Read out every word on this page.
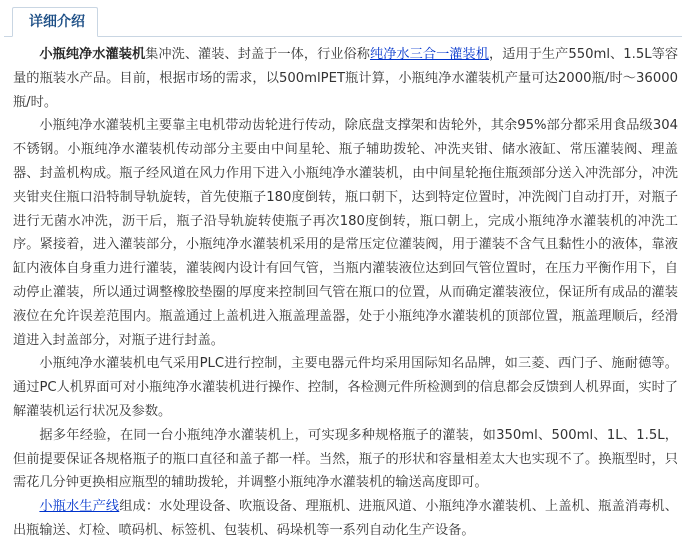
详细介绍

小瓶纯净水灌装机集冲洗、灌装、封盖于一体，行业俗称纯净水三合一灌装机，适用于生产550ml、1.5L等容量的瓶装水产品。目前，根据市场的需求，以500mlPET瓶计算，小瓶纯净水灌装机产量可达2000瓶/时～36000瓶/时。

小瓶纯净水灌装机主要靠主电机带动齿轮进行传动，除底盘支撑架和齿轮外，其余95%部分都采用食品级304不锈钢。小瓶纯净水灌装机传动部分主要由中间星轮、瓶子辅助拨轮、冲洗夹钳、储水液缸、常压灌装阀、理盖器、封盖机构成。瓶子经风道在风力作用下进入小瓶纯净水灌装机，由中间星轮拖住瓶颈部分送入冲洗部分，冲洗夹钳夹住瓶口沿特制导轨旋转，首先使瓶子180度倒转，瓶口朝下，达到特定位置时，冲洗阀门自动打开，对瓶子进行无菌水冲洗，沥干后，瓶子沿导轨旋转使瓶子再次180度倒转，瓶口朝上，完成小瓶纯净水灌装机的冲洗工序。紧接着，进入灌装部分，小瓶纯净水灌装机采用的是常压定位灌装阀，用于灌装不含气且黏性小的液体，靠液缸内液体自身重力进行灌装，灌装阀内设计有回气管，当瓶内灌装液位达到回气管位置时，在压力平衡作用下，自动停止灌装，所以通过调整橡胶垫圈的厚度来控制回气管在瓶口的位置，从而确定灌装液位，保证所有成品的灌装液位在允许误差范围内。瓶盖通过上盖机进入瓶盖理盖器，处于小瓶纯净水灌装机的顶部位置，瓶盖理顺后，经滑道进入封盖部分，对瓶子进行封盖。

小瓶纯净水灌装机电气采用PLC进行控制，主要电器元件均采用国际知名品牌，如三菱、西门子、施耐德等。通过PC人机界面可对小瓶纯净水灌装机进行操作、控制，各检测元件所检测到的信息都会反馈到人机界面，实时了解灌装机运行状况及参数。

据多年经验，在同一台小瓶纯净水灌装机上，可实现多种规格瓶子的灌装，如350ml、500ml、1L、1.5L，但前提要保证各规格瓶子的瓶口直径和盖子都一样。当然，瓶子的形状和容量相差太大也实现不了。换瓶型时，只需花几分钟更换相应瓶型的辅助拨轮，并调整小瓶纯净水灌装机的输送高度即可。

小瓶水生产线组成：水处理设备、吹瓶设备、理瓶机、进瓶风道、小瓶纯净水灌装机、上盖机、瓶盖消毒机、出瓶输送、灯检、喷码机、标签机、包装机、码垛机等一系列自动化生产设备。
